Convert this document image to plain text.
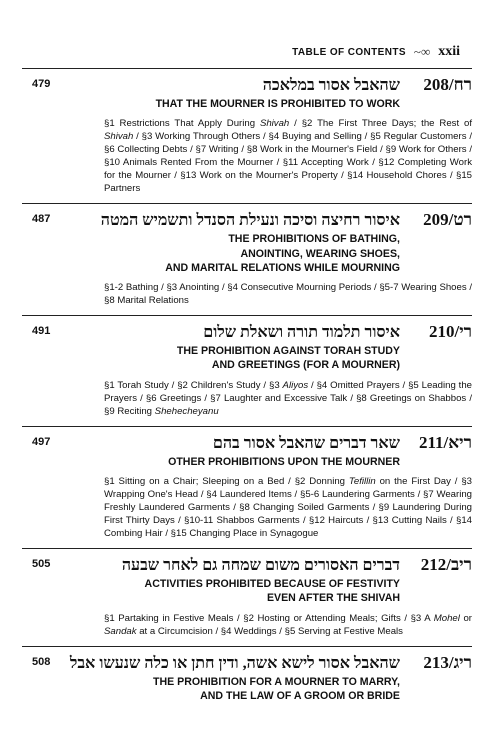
TABLE OF CONTENTS ~∞ xxii
479	שהאבל אסור במלאכה	רח/208
THAT THE MOURNER IS PROHIBITED TO WORK
§1 Restrictions That Apply During Shivah / §2 The First Three Days; the Rest of Shivah / §3 Working Through Others / §4 Buying and Selling / §5 Regular Customers / §6 Collecting Debts / §7 Writing / §8 Work in the Mourner's Field / §9 Work for Others / §10 Animals Rented From the Mourner / §11 Accepting Work / §12 Completing Work for the Mourner / §13 Work on the Mourner's Property / §14 Household Chores / §15 Partners
487	איסור רחיצה וסיכה ונעילת הסנדל ותשמיש המטה	רט/209
THE PROHIBITIONS OF BATHING,
ANOINTING, WEARING SHOES,
AND MARITAL RELATIONS WHILE MOURNING
§1-2 Bathing / §3 Anointing / §4 Consecutive Mourning Periods / §5-7 Wearing Shoes / §8 Marital Relations
491	איסור תלמוד תורה ושאלת שלום	רי/210
THE PROHIBITION AGAINST TORAH STUDY
AND GREETINGS (FOR A MOURNER)
§1 Torah Study / §2 Children's Study / §3 Aliyos / §4 Omitted Prayers / §5 Leading the Prayers / §6 Greetings / §7 Laughter and Excessive Talk / §8 Greetings on Shabbos / §9 Reciting Shehecheyanu
497	שאר דברים שהאבל אסור בהם	ריא/211
OTHER PROHIBITIONS UPON THE MOURNER
§1 Sitting on a Chair; Sleeping on a Bed / §2 Donning Tefillin on the First Day / §3 Wrapping One's Head / §4 Laundered Items / §5-6 Laundering Garments / §7 Wearing Freshly Laundered Garments / §8 Changing Soiled Garments / §9 Laundering During First Thirty Days / §10-11 Shabbos Garments / §12 Haircuts / §13 Cutting Nails / §14 Combing Hair / §15 Changing Place in Synagogue
505	דברים האסורים משום שמחה גם לאחר שבעה	ריב/212
ACTIVITIES PROHIBITED BECAUSE OF FESTIVITY
EVEN AFTER THE SHIVAH
§1 Partaking in Festive Meals / §2 Hosting or Attending Meals; Gifts / §3 A Mohel or Sandak at a Circumcision / §4 Weddings / §5 Serving at Festive Meals
508 שהאבל אסור לישא אשה, ודין חתן או כלה שנעשו אבל	ריג/213
THE PROHIBITION FOR A MOURNER TO MARRY,
AND THE LAW OF A GROOM OR BRIDE
